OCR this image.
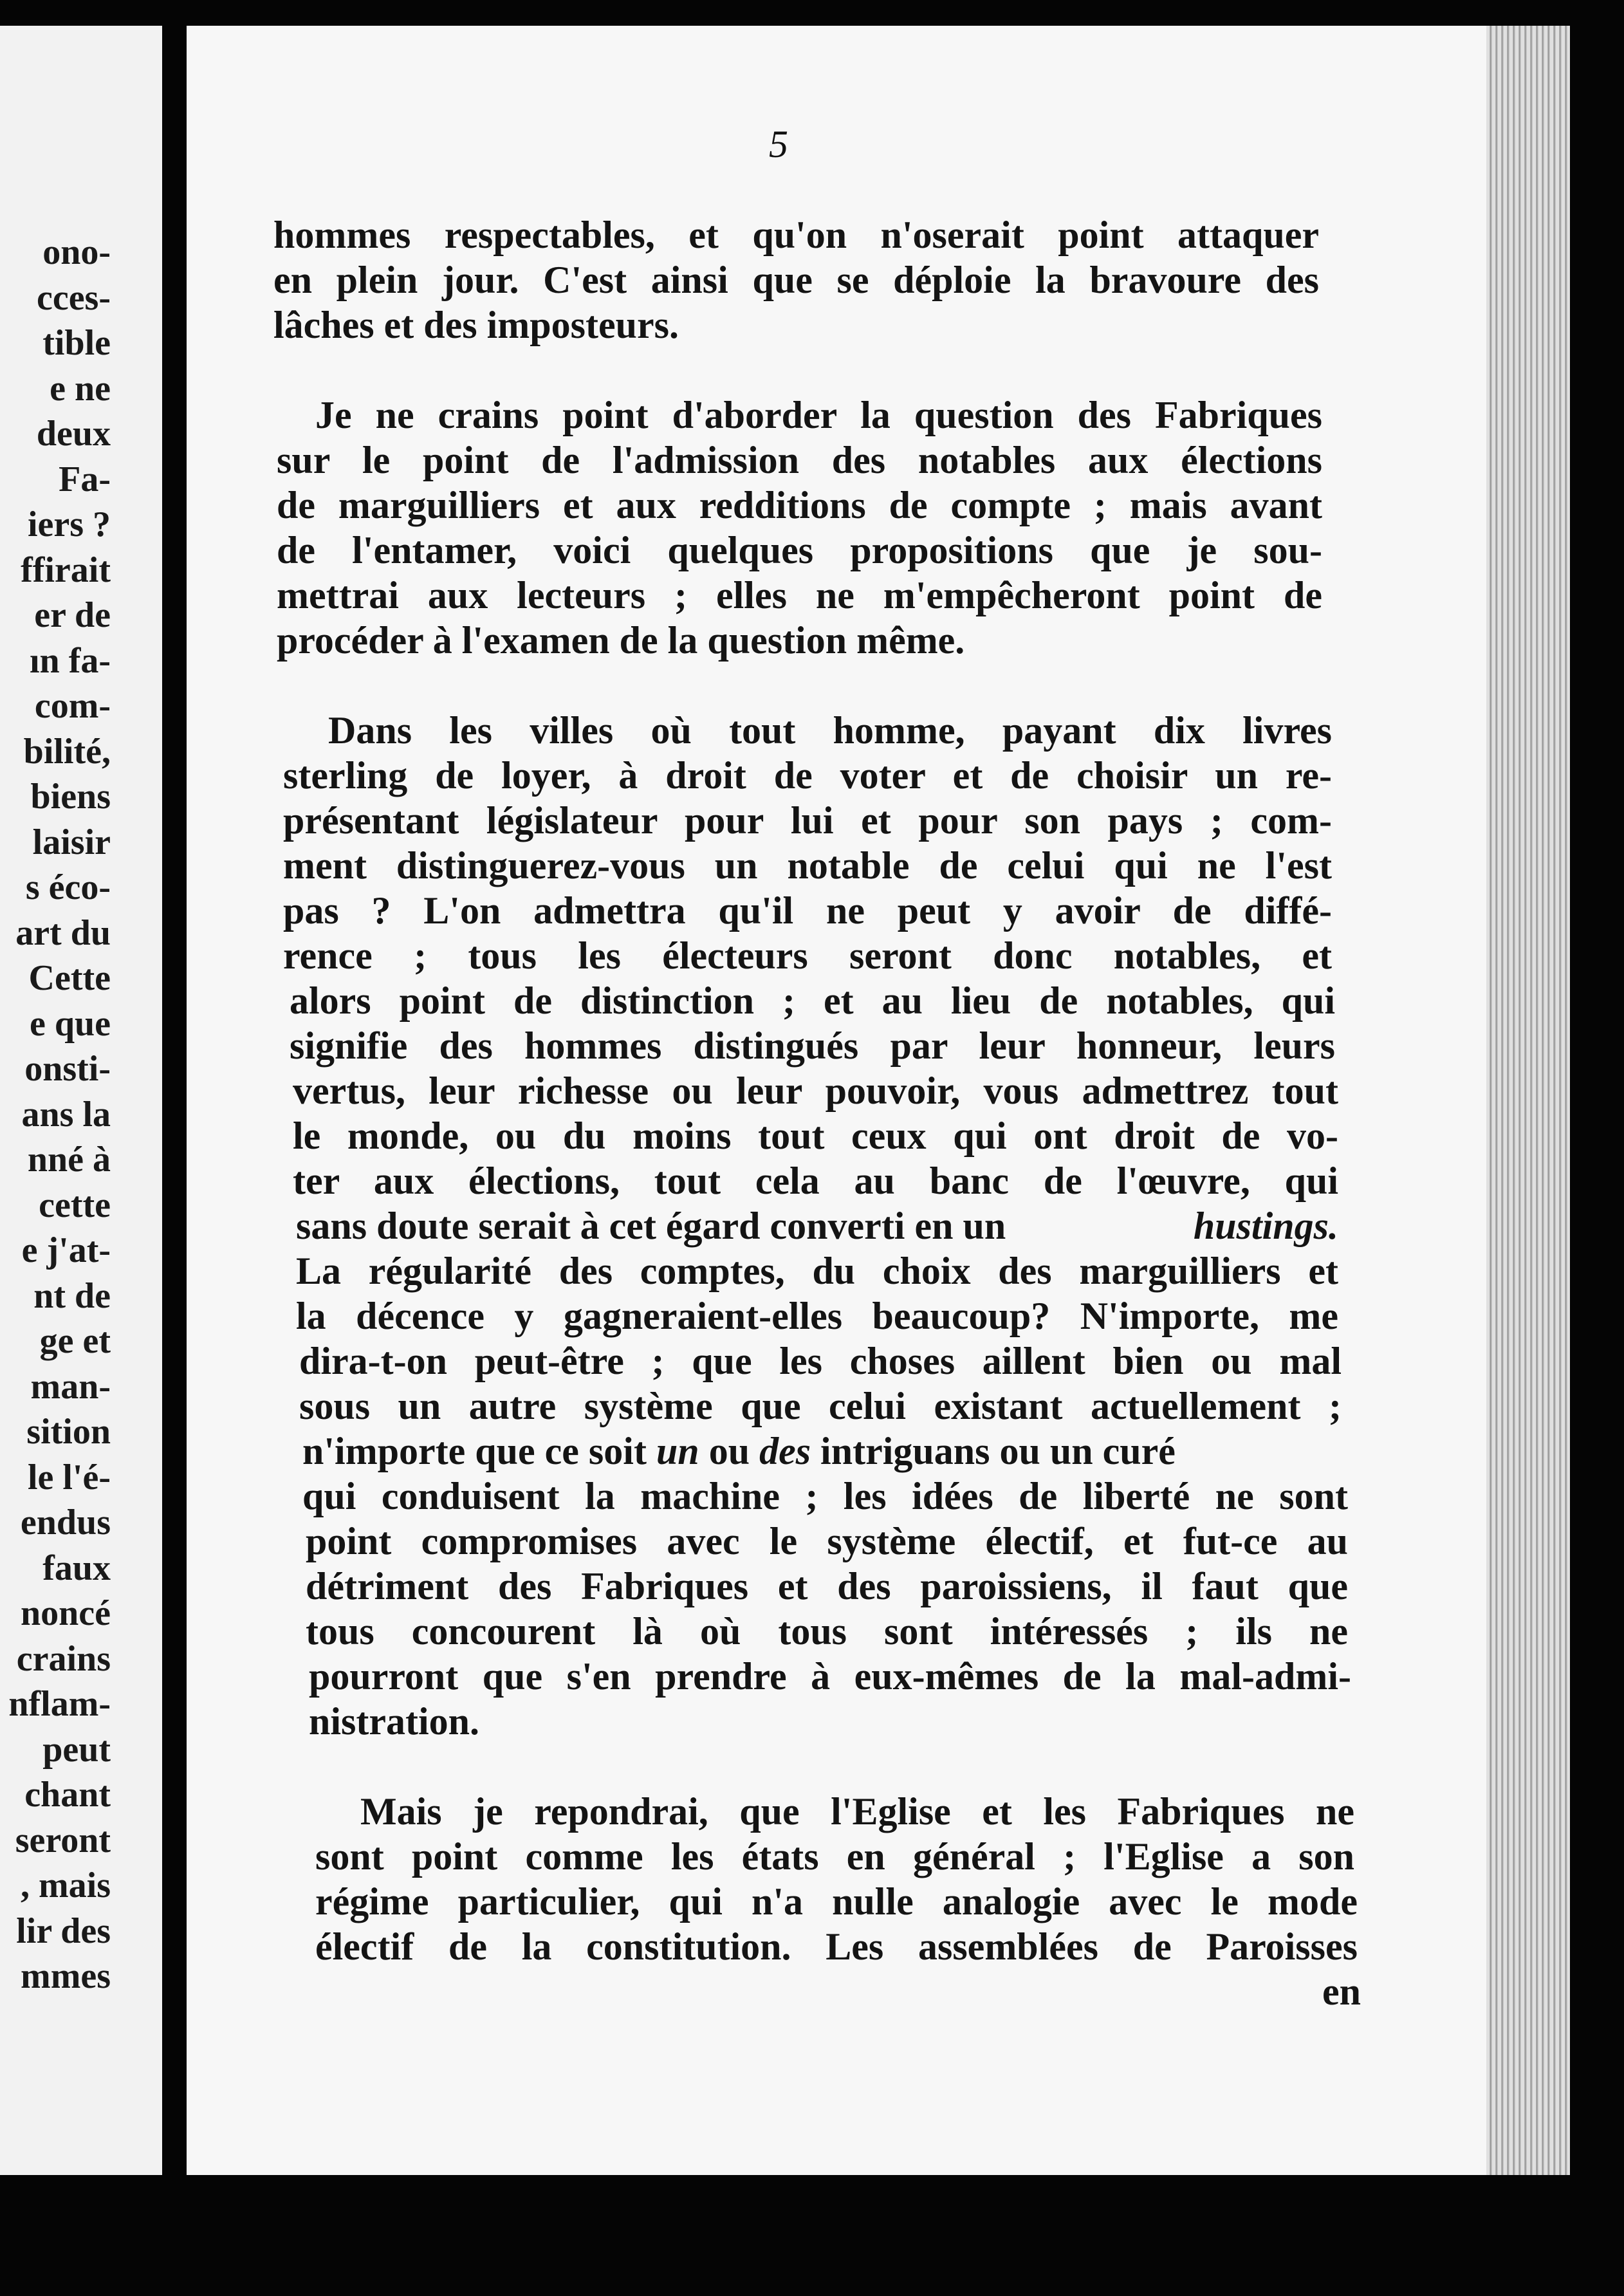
ono-
cces-
tible
e ne
deux
Fa-
iers ?
ffirait
er de
ın fa-
com-
bilité,
biens
laisir
s éco-
art du
Cette
e que
onsti-
ans la
nné à
cette
e j'at-
nt de
ge et
man-
sition
le l'é-
endus
faux
noncé
crains
nflam-
peut
chant
seront
, mais
lir des
mmes
5
hommes respectables, et qu'on n'oserait point attaquer
en plein jour. C'est ainsi que se déploie la bravoure des
lâches et des imposteurs.
Je ne crains point d'aborder la question des Fabriques
sur le point de l'admission des notables aux élections
de marguilliers et aux redditions de compte ; mais avant
de l'entamer, voici quelques propositions que je sou-
mettrai aux lecteurs ; elles ne m'empêcheront point de
procéder à l'examen de la question même.
Dans les villes où tout homme, payant dix livres
sterling de loyer, à droit de voter et de choisir un re-
présentant législateur pour lui et pour son pays ; com-
ment distinguerez-vous un notable de celui qui ne l'est
pas ? L'on admettra qu'il ne peut y avoir de diffé-
rence ; tous les électeurs seront donc notables, et
alors point de distinction ; et au lieu de notables, qui
signifie des hommes distingués par leur honneur, leurs
vertus, leur richesse ou leur pouvoir, vous admettrez tout
le monde, ou du moins tout ceux qui ont droit de vo-
ter aux élections, tout cela au banc de l'œuvre, qui
sans doute serait à cet égard converti en un	hustings.
La régularité des comptes, du choix des marguilliers et
la décence y gagneraient-elles beaucoup? N'importe, me
dira-t-on peut-être ; que les choses aillent bien ou mal
sous un autre système que celui existant actuellement ;
n'importe que ce soit un ou des intriguans ou un curé
qui conduisent la machine ; les idées de liberté ne sont
point compromises avec le système électif, et fut-ce au
détriment des Fabriques et des paroissiens, il faut que
tous concourent là où tous sont intéressés ; ils ne
pourront que s'en prendre à eux-mêmes de la mal-admi-
nistration.
Mais je repondrai, que l'Eglise et les Fabriques ne
sont point comme les états en général ; l'Eglise a son
régime particulier, qui n'a nulle analogie avec le mode
électif de la constitution. Les assemblées de Paroisses
en
